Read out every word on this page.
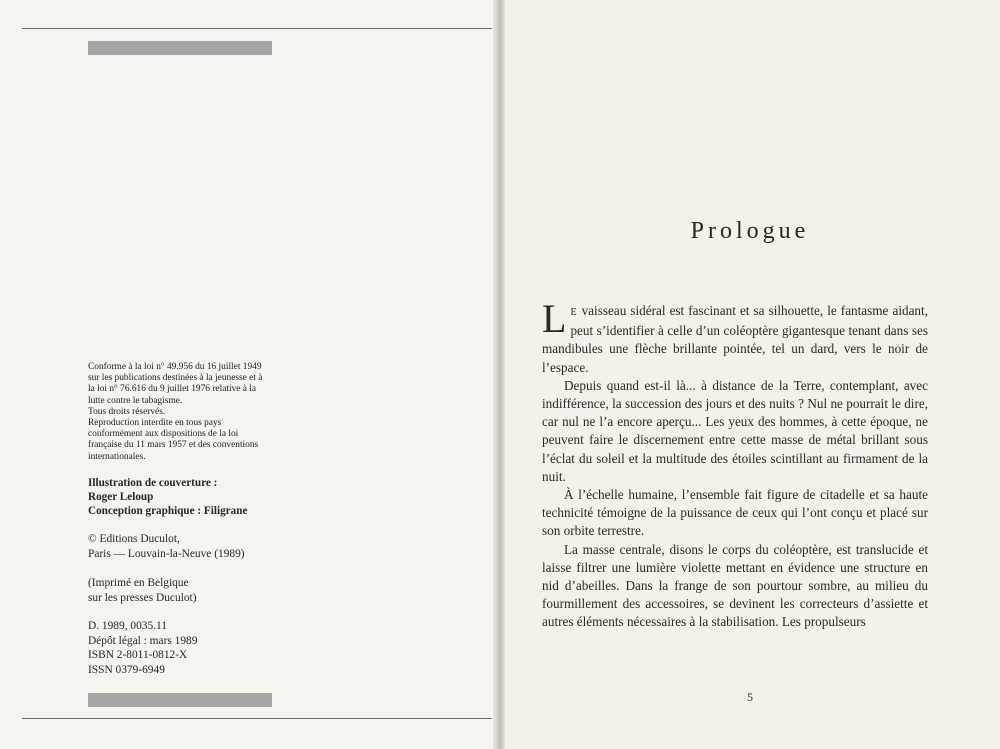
Conforme à la loi n° 49.956 du 16 juillet 1949

sur les publications destinées à la jeunesse et à

la loi n° 76.616 du 9 juillet 1976 relative à la

lutte contre le tabagisme.

Tous droits réservés.

Reproduction interdite en tous pays

conformément aux dispositions de la loi

française du 11 mars 1957 et des conventions

internationales.

Illustration de couverture :

Roger Leloup

Conception graphique : Filigrane

© Editions Duculot,

Paris — Louvain-la-Neuve (1989)

(Imprimé en Belgique

sur les presses Duculot)

D. 1989, 0035.11

Dépôt légal : mars 1989

ISBN 2-8011-0812-X

ISSN 0379-6949

Prologue

L E vaisseau sidéral est fascinant et sa silhouette, le fantasme aidant, peut s’identifier à celle d’un coléoptère gigantesque tenant dans ses mandibules une flèche brillante pointée, tel un dard, vers le noir de l’espace.

Depuis quand est-il là... à distance de la Terre, contemplant, avec indifférence, la succession des jours et des nuits ? Nul ne pourrait le dire, car nul ne l’a encore aperçu... Les yeux des hommes, à cette époque, ne peuvent faire le discernement entre cette masse de métal brillant sous l’éclat du soleil et la multitude des étoiles scintillant au firmament de la nuit.

À l’échelle humaine, l’ensemble fait figure de citadelle et sa haute technicité témoigne de la puissance de ceux qui l’ont conçu et placé sur son orbite terrestre.

La masse centrale, disons le corps du coléoptère, est translucide et laisse filtrer une lumière violette mettant en évidence une structure en nid d’abeilles. Dans la frange de son pourtour sombre, au milieu du fourmillement des accessoires, se devinent les correcteurs d’assiette et autres éléments nécessaires à la stabilisation. Les propulseurs

5
